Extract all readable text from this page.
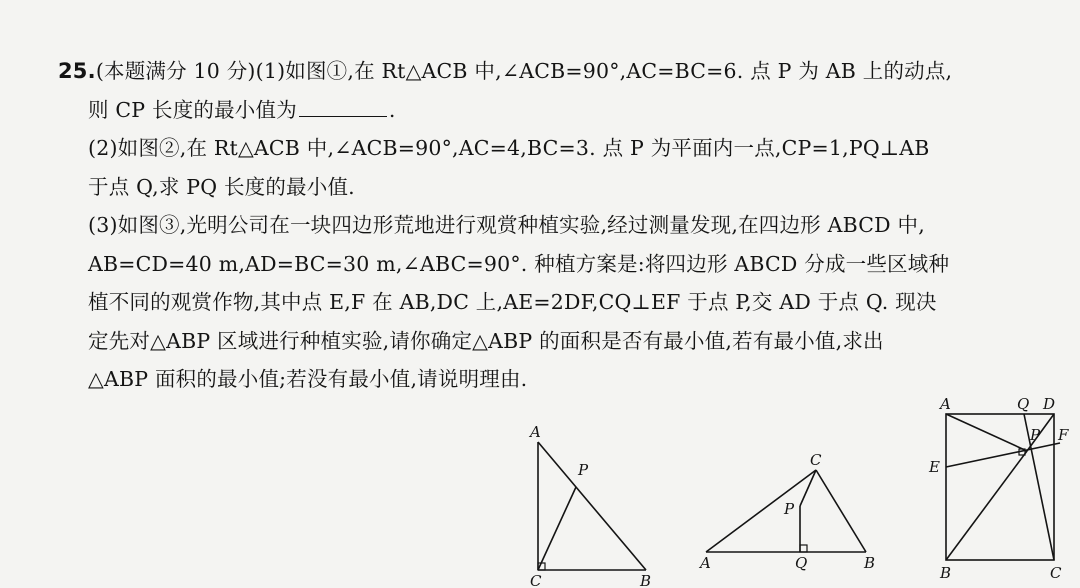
25.(本题满分 10 分)(1)如图①,在 Rt△ACB 中,∠ACB=90°,AC=BC=6. 点 P 为 AB 上的动点,
则 CP 长度的最小值为	.
(2)如图②,在 Rt△ACB 中,∠ACB=90°,AC=4,BC=3. 点 P 为平面内一点,CP=1,PQ⊥AB
于点 Q,求 PQ 长度的最小值.
(3)如图③,光明公司在一块四边形荒地进行观赏种植实验,经过测量发现,在四边形 ABCD 中,
AB=CD=40 m,AD=BC=30 m,∠ABC=90°. 种植方案是:将四边形 ABCD 分成一些区域种
植不同的观赏作物,其中点 E,F 在 AB,DC 上,AE=2DF,CQ⊥EF 于点 P,交 AD 于点 Q. 现决
定先对△ABP 区域进行种植实验,请你确定△ABP 的面积是否有最小值,若有最小值,求出
△ABP 面积的最小值;若没有最小值,请说明理由.
A
P
C	B
C
P
A	Q	B
A	Q D
P F
E
B	C
